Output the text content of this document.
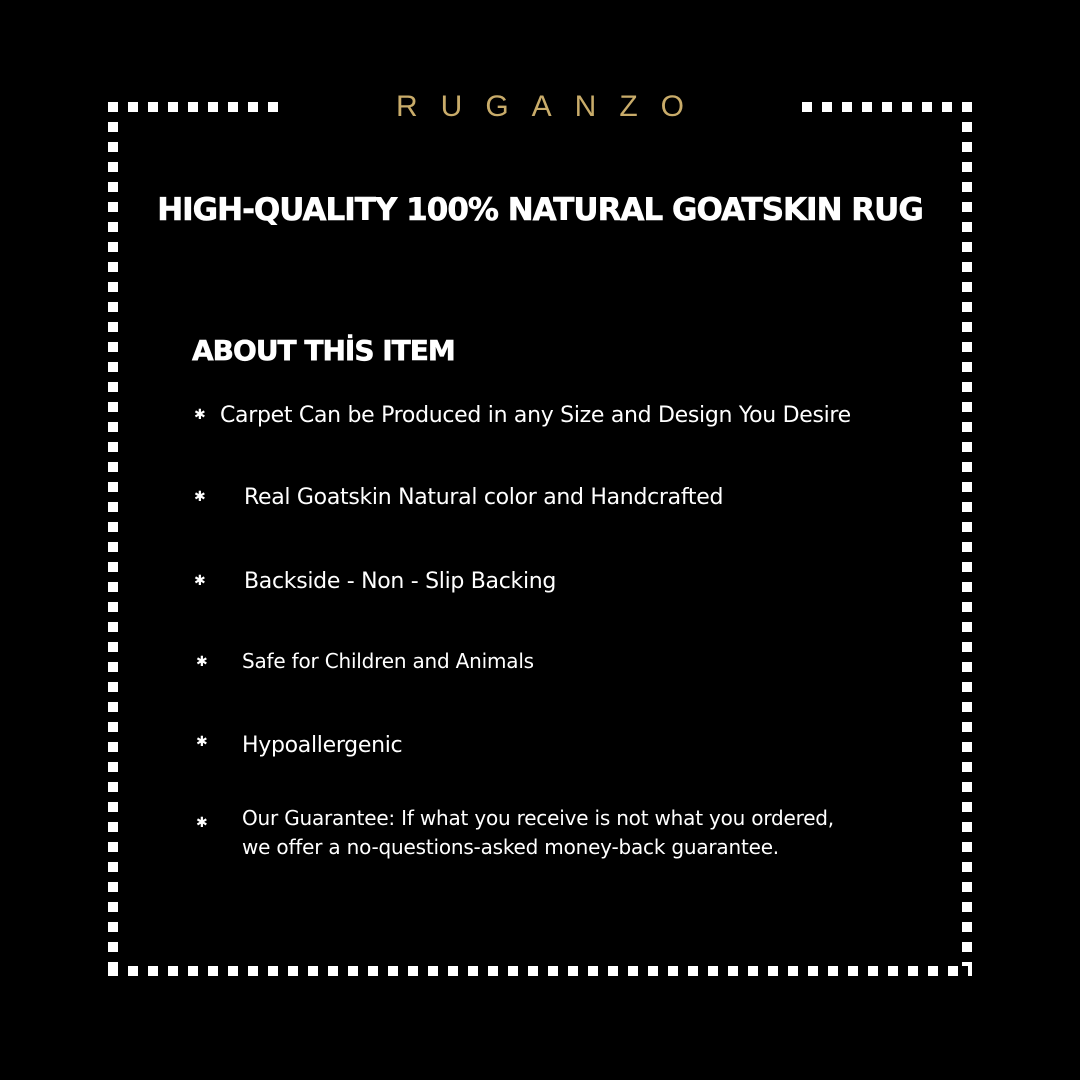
RUGANZO
HIGH-QUALITY 100% NATURAL GOATSKIN RUG
ABOUT THİS ITEM
✱ Carpet Can be Produced in any Size and Design You Desire
✱ Real Goatskin Natural color and Handcrafted
✱ Backside - Non - Slip Backing
✱ Safe for Children and Animals
✱ Hypoallergenic
✱ Our Guarantee: If what you receive is not what you ordered,
we offer a no-questions-asked money-back guarantee.
